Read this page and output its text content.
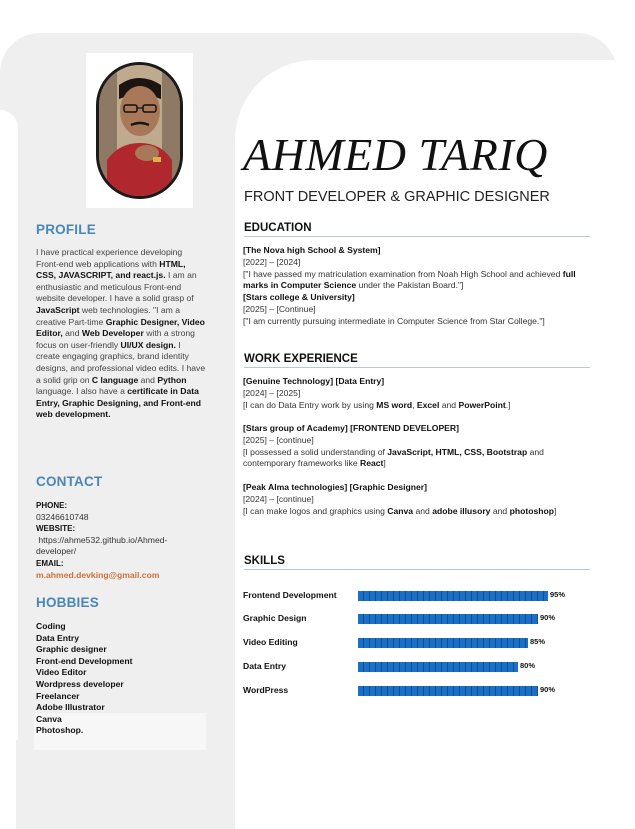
PROFILE
I have practical experience developing Front-end web applications with HTML, CSS, JAVASCRIPT, and react.js. I am an enthusiastic and meticulous Front-end website developer. I have a solid grasp of JavaScript web technologies. "I am a creative Part-time Graphic Designer, Video Editor, and Web Developer with a strong focus on user-friendly UI/UX design. I create engaging graphics, brand identity designs, and professional video edits. I have a solid grip on C language and Python language. I also have a certificate in Data Entry, Graphic Designing, and Front-end web development.
CONTACT
PHONE:
03246610748
WEBSITE:
https://ahme532.github.io/Ahmed-developer/
EMAIL:
m.ahmed.devking@gmail.com
HOBBIES
Coding
Data Entry
Graphic designer
Front-end Development
Video Editor
Wordpress developer
Freelancer
Adobe Illustrator
Canva
Photoshop.
AHMED TARIQ
FRONT DEVELOPER & GRAPHIC DESIGNER
EDUCATION
[The Nova high School & System]
[2022] – [2024]
["I have passed my matriculation examination from Noah High School and achieved full marks in Computer Science under the Pakistan Board."]
[Stars college & University]
[2025] – [Continue]
["I am currently pursuing intermediate in Computer Science from Star College."]
WORK EXPERIENCE
[Genuine Technology] [Data Entry]
[2024] – [2025]
[I can do Data Entry work by using MS word, Excel and PowerPoint.]
[Stars group of Academy] [FRONTEND DEVELOPER]
[2025] – [continue]
[I possessed a solid understanding of JavaScript, HTML, CSS, Bootstrap and contemporary frameworks like React]
[Peak Alma technologies] [Graphic Designer]
[2024] – [continue]
[I can make logos and graphics using Canva and adobe illusory and photoshop]
SKILLS
Frontend Development	95%
Graphic Design	90%
Video Editing	85%
Data Entry	80%
WordPress	90%
